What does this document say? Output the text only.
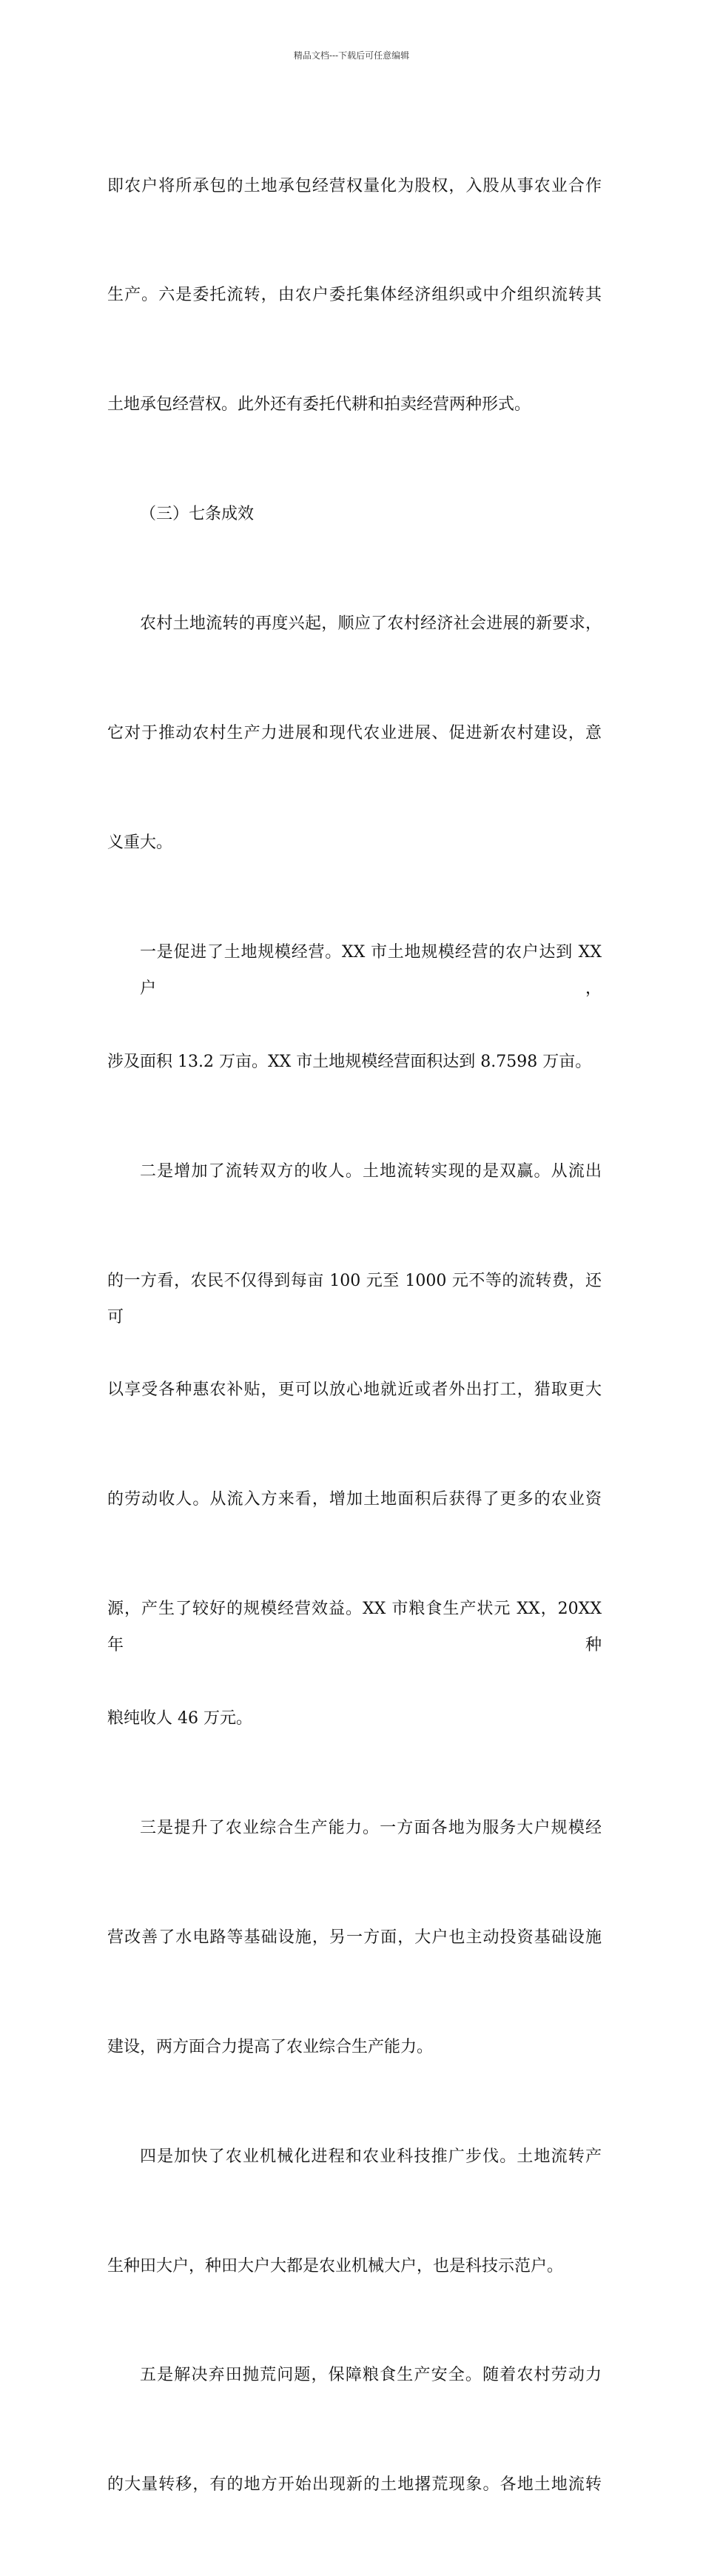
精品文档---下载后可任意编辑

即农户将所承包的土地承包经营权量化为股权，入股从事农业合作

生产。六是委托流转，由农户委托集体经济组织或中介组织流转其

土地承包经营权。此外还有委托代耕和拍卖经营两种形式。

（三）七条成效

农村土地流转的再度兴起，顺应了农村经济社会进展的新要求，

它对于推动农村生产力进展和现代农业进展、促进新农村建设，意

义重大。

一是促进了土地规模经营。XX 市土地规模经营的农户达到 XX 户，

涉及面积 13.2 万亩。XX 市土地规模经营面积达到 8.7598 万亩。

二是增加了流转双方的收人。土地流转实现的是双赢。从流出

的一方看，农民不仅得到每亩 100 元至 1000 元不等的流转费，还可

以享受各种惠农补贴，更可以放心地就近或者外出打工，猎取更大

的劳动收人。从流入方来看，增加土地面积后获得了更多的农业资

源，产生了较好的规模经营效益。XX 市粮食生产状元 XX，20XX 年种

粮纯收人 46 万元。

三是提升了农业综合生产能力。一方面各地为服务大户规模经

营改善了水电路等基础设施，另一方面，大户也主动投资基础设施

建设，两方面合力提高了农业综合生产能力。

四是加快了农业机械化进程和农业科技推广步伐。土地流转产

生种田大户，种田大户大都是农业机械大户，也是科技示范户。

五是解决弃田抛荒问题，保障粮食生产安全。随着农村劳动力

的大量转移，有的地方开始出现新的土地撂荒现象。各地土地流转
